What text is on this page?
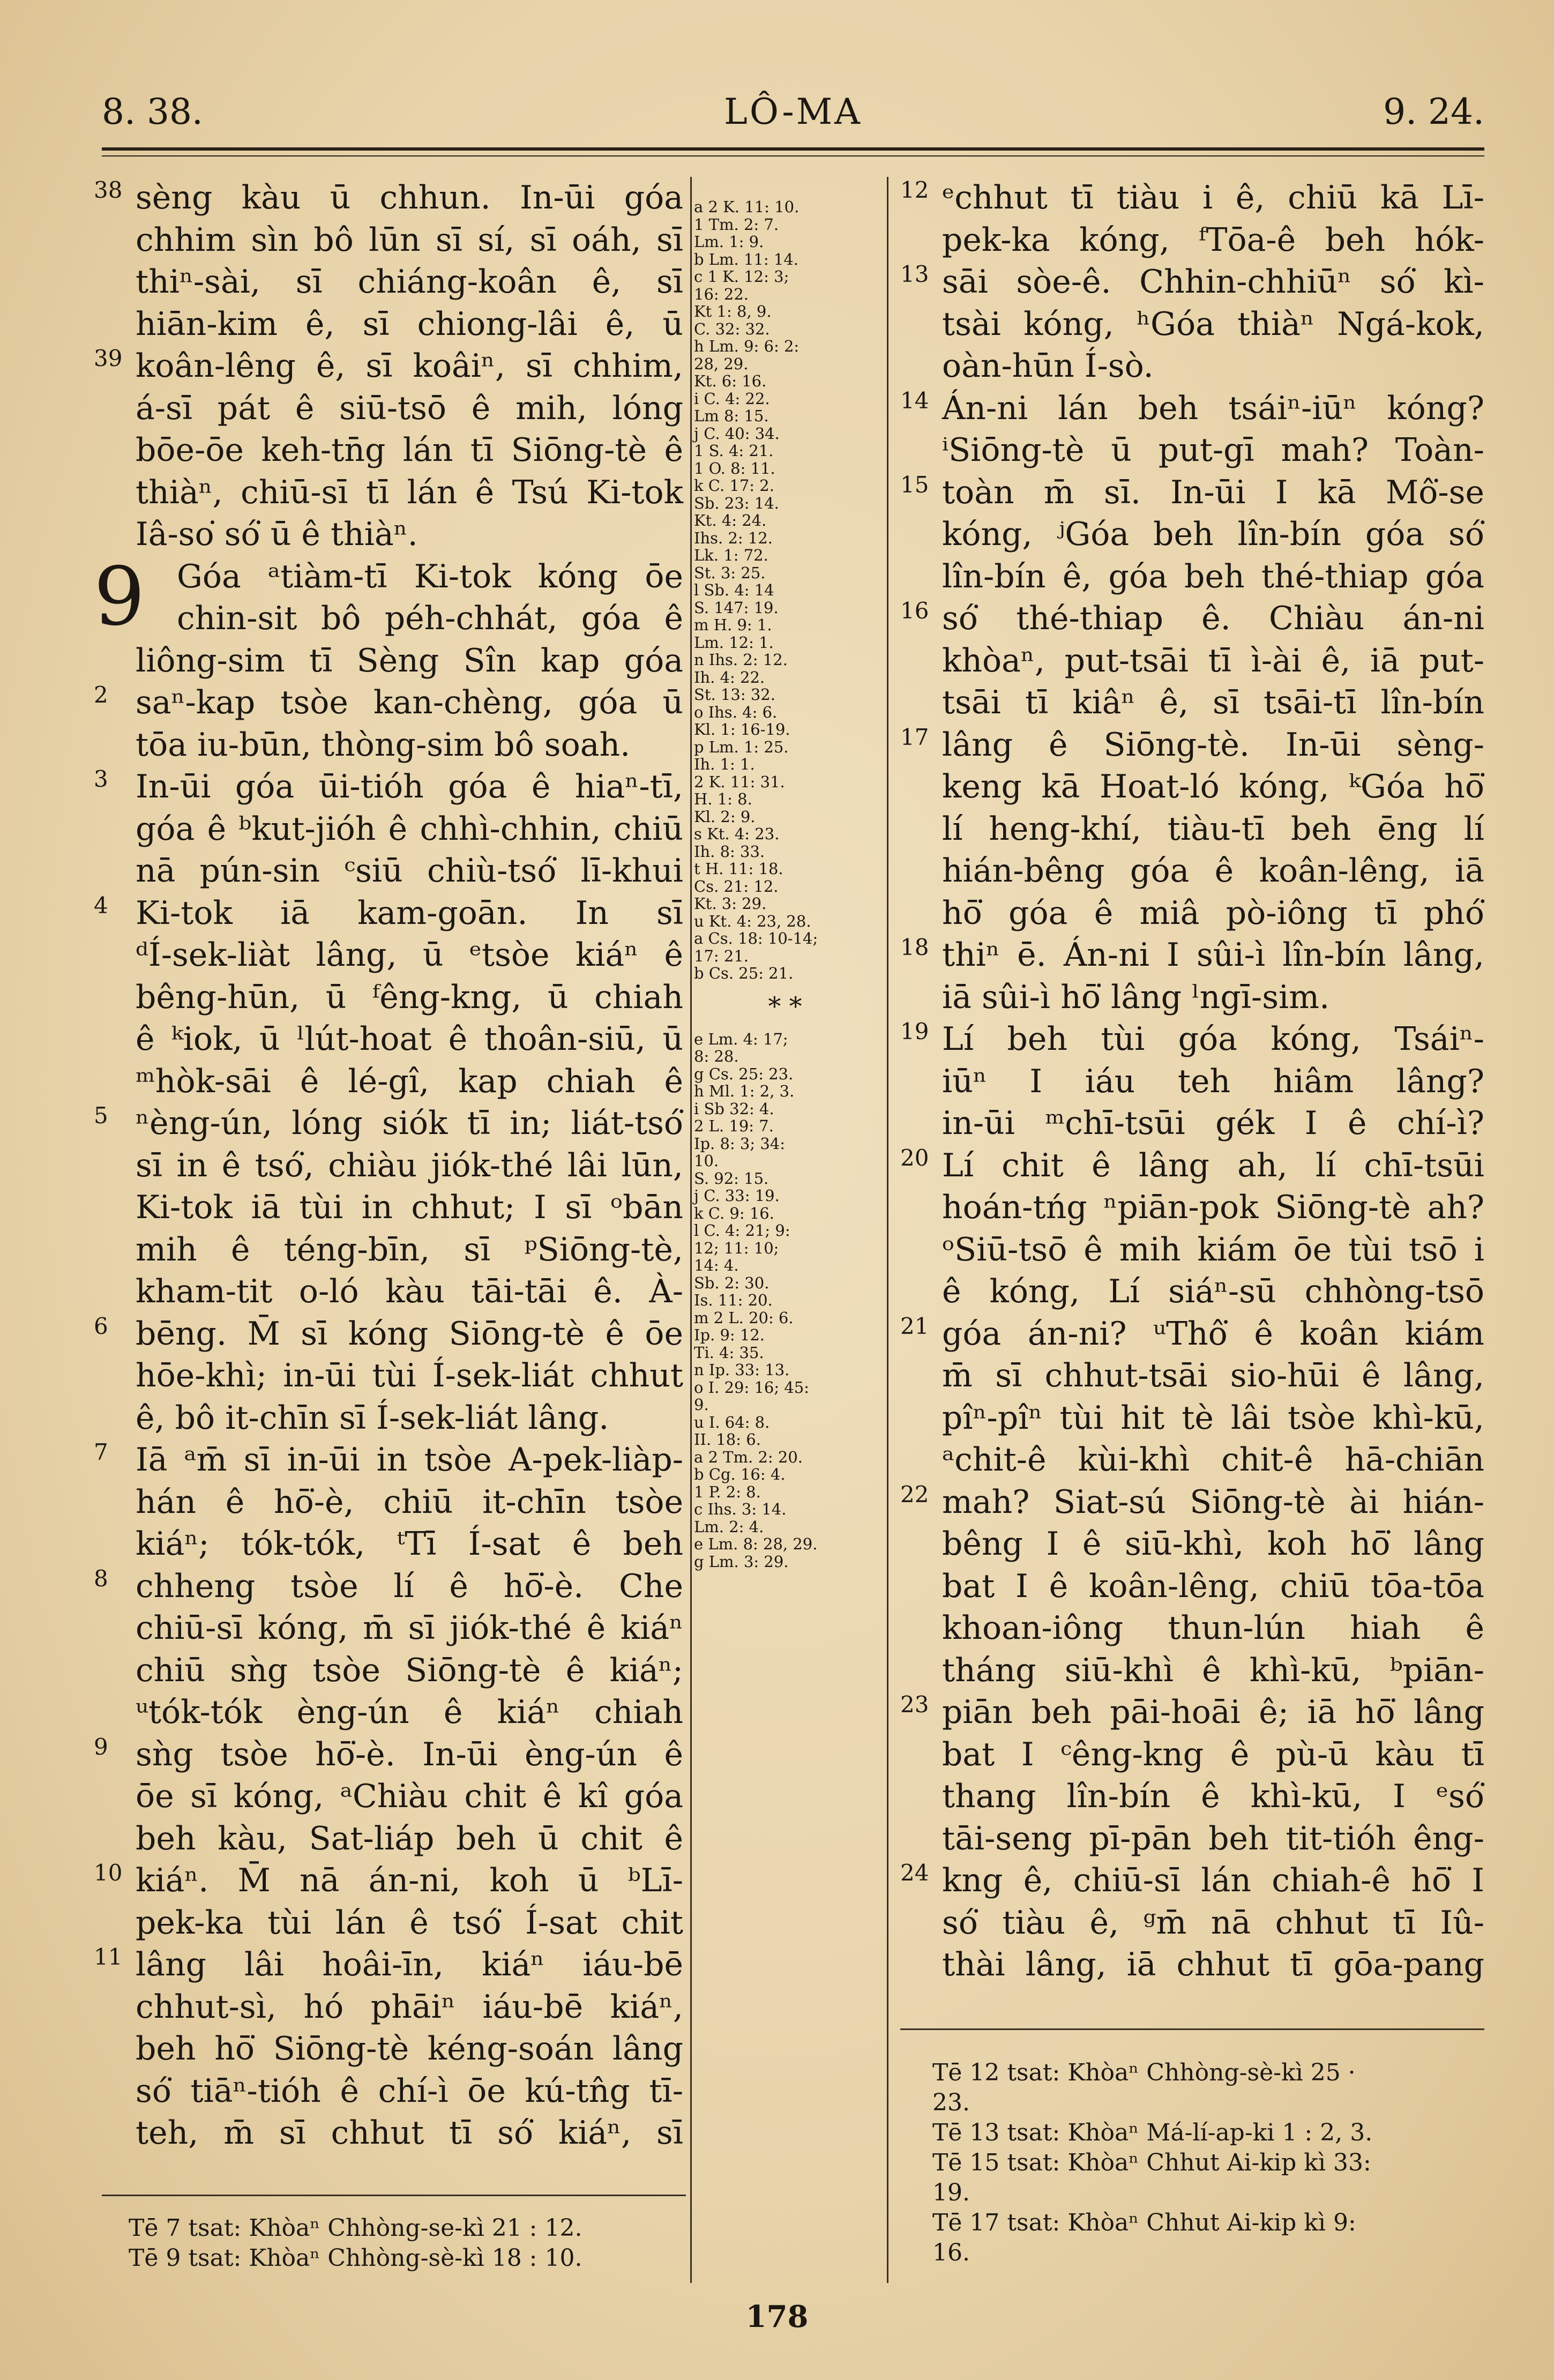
8. 38.	LÔ-MA	9. 24.
38 sèng kàu ū chhun. In-ūi góa
chhim sìn bô lūn sī sí, sī oáh, sī
thiⁿ-sài, sī chiáng-koân ê, sī
hiān-kim ê, sī chiong-lâi ê, ū
39 koân-lêng ê, sī koâiⁿ, sī chhim,
á-sī pát ê siū-tsō ê mih, lóng
bōe-ōe keh-tn̄g lán tī Siōng-tè ê
thiàⁿ, chiū-sī tī lán ê Tsú Ki-tok
Iâ-so͘ só͘ ū ê thiàⁿ.
9 Góa ᵃtiàm-tī Ki-tok kóng ōe
chin-sit bô péh-chhát, góa ê
liông-sim tī Sèng Sîn kap góa
2 saⁿ-kap tsòe kan-chèng, góa ū
tōa iu-būn, thòng-sim bô soah.
3 In-ūi góa ūi-tióh góa ê hiaⁿ-tī,
góa ê ᵇkut-jióh ê chhì-chhin, chiū
nā pún-sin ᶜsiū chiù-tsó͘ lī-khui
4 Ki-tok iā kam-goān. In sī
ᵈÍ-sek-liàt lâng, ū ᵉtsòe kiáⁿ ê
bêng-hūn, ū ᶠêng-kng, ū chiah
ê ᵏiok, ū ˡlút-hoat ê thoân-siū, ū
ᵐhòk-sāi ê lé-gî, kap chiah ê
5 ⁿèng-ún, lóng siók tī in; liát-tsó͘
sī in ê tsó͘, chiàu jiók-thé lâi lūn,
Ki-tok iā tùi in chhut; I sī ᵒbān
mih ê téng-bīn, sī ᵖSiōng-tè,
kham-tit o-ló kàu tāi-tāi ê. À-
6 bēng. M̄ sī kóng Siōng-tè ê ōe
hōe-khì; in-ūi tùi Í-sek-liát chhut
ê, bô it-chīn sī Í-sek-liát lâng.
7 Iā ᵃm̄ sī in-ūi in tsòe A-pek-liàp-
hán ê hō͘-è, chiū it-chīn tsòe
kiáⁿ; tók-tók, ᵗTī Í-sat ê beh
8 chheng tsòe lí ê hō͘-è. Che
chiū-sī kóng, m̄ sī jiók-thé ê kiáⁿ
chiū sǹg tsòe Siōng-tè ê kiáⁿ;
ᵘtók-tók èng-ún ê kiáⁿ chiah
9 sǹg tsòe hō͘-è. In-ūi èng-ún ê
ōe sī kóng, ᵃChiàu chit ê kî góa
beh kàu, Sat-liáp beh ū chit ê
10 kiáⁿ. M̄ nā án-ni, koh ū ᵇLī-
pek-ka tùi lán ê tsó͘ Í-sat chit
11 lâng lâi hoâi-īn, kiáⁿ iáu-bē
chhut-sì, hó phāiⁿ iáu-bē kiáⁿ,
beh hō͘ Siōng-tè kéng-soán lâng
só͘ tiāⁿ-tióh ê chí-ì ōe kú-tn̂g tī-
teh, m̄ sī chhut tī só͘ kiáⁿ, sī
a 2 K. 11: 10.
1 Tm. 2: 7.
Lm. 1: 9.
b Lm. 11: 14.
c 1 K. 12: 3;
16: 22.
Kt 1: 8, 9.
C. 32: 32.
h Lm. 9: 6: 2:
28, 29.
Kt. 6: 16.
i C. 4: 22.
Lm 8: 15.
j C. 40: 34.
1 S. 4: 21.
1 O. 8: 11.
k C. 17: 2.
Sb. 23: 14.
Kt. 4: 24.
Ihs. 2: 12.
Lk. 1: 72.
St. 3: 25.
l Sb. 4: 14
S. 147: 19.
m H. 9: 1.
Lm. 12: 1.
n Ihs. 2: 12.
Ih. 4: 22.
St. 13: 32.
o Ihs. 4: 6.
Kl. 1: 16-19.
p Lm. 1: 25.
Ih. 1: 1.
2 K. 11: 31.
H. 1: 8.
Kl. 2: 9.
s Kt. 4: 23.
Ih. 8: 33.
t H. 11: 18.
Cs. 21: 12.
Kt. 3: 29.
u Kt. 4: 23, 28.
a Cs. 18: 10-14;
17: 21.
b Cs. 25: 21.
* *
e Lm. 4: 17;
8: 28.
g Cs. 25: 23.
h Ml. 1: 2, 3.
i Sb 32: 4.
2 L. 19: 7.
Ip. 8: 3; 34:
10.
S. 92: 15.
j C. 33: 19.
k C. 9: 16.
l C. 4: 21; 9:
12; 11: 10;
14: 4.
Sb. 2: 30.
Is. 11: 20.
m 2 L. 20: 6.
Ip. 9: 12.
Ti. 4: 35.
n Ip. 33: 13.
o I. 29: 16; 45:
9.
u I. 64: 8.
II. 18: 6.
a 2 Tm. 2: 20.
b Cg. 16: 4.
1 P. 2: 8.
c Ihs. 3: 14.
Lm. 2: 4.
e Lm. 8: 28, 29.
g Lm. 3: 29.
12 ᵉchhut tī tiàu i ê, chiū kā Lī-
pek-ka kóng, ᶠTōa-ê beh hók-
13 sāi sòe-ê. Chhin-chhiūⁿ só͘ kì-
tsài kóng, ʰGóa thiàⁿ Ngá-kok,
oàn-hūn Í-sò.
14 Án-ni lán beh tsáiⁿ-iūⁿ kóng?
ⁱSiōng-tè ū put-gī mah? Toàn-
15 toàn m̄ sī. In-ūi I kā Mô͘-se
kóng, ʲGóa beh lîn-bín góa só͘
lîn-bín ê, góa beh thé-thiap góa
16 só͘ thé-thiap ê. Chiàu án-ni
khòaⁿ, put-tsāi tī ì-ài ê, iā put-
tsāi tī kiâⁿ ê, sī tsāi-tī lîn-bín
17 lâng ê Siōng-tè. In-ūi sèng-
keng kā Hoat-ló kóng, ᵏGóa hō͘
lí heng-khí, tiàu-tī beh ēng lí
hián-bêng góa ê koân-lêng, iā
hō͘ góa ê miâ pò-iông tī phó͘
18 thiⁿ ē. Án-ni I sûi-ì lîn-bín lâng,
iā sûi-ì hō͘ lâng ˡngī-sim.
19 Lí beh tùi góa kóng, Tsáiⁿ-
iūⁿ I iáu teh hiâm lâng?
in-ūi ᵐchī-tsūi gék I ê chí-ì?
20 Lí chit ê lâng ah, lí chī-tsūi
hoán-tńg ⁿpiān-pok Siōng-tè ah?
ᵒSiū-tsō ê mih kiám ōe tùi tsō i
ê kóng, Lí siáⁿ-sū chhòng-tsō
21 góa án-ni? ᵘThô͘ ê koân kiám
m̄ sī chhut-tsāi sio-hūi ê lâng,
pîⁿ-pîⁿ tùi hit tè lâi tsòe khì-kū,
ᵃchit-ê kùi-khì chit-ê hā-chiān
22 mah? Siat-sú Siōng-tè ài hián-
bêng I ê siū-khì, koh hō͘ lâng
bat I ê koân-lêng, chiū tōa-tōa
khoan-iông thun-lún hiah ê
tháng siū-khì ê khì-kū, ᵇpiān-
23 piān beh pāi-hoāi ê; iā hō͘ lâng
bat I ᶜêng-kng ê pù-ū kàu tī
thang lîn-bín ê khì-kū, I ᵉsó͘
tāi-seng pī-pān beh tit-tióh êng-
24 kng ê, chiū-sī lán chiah-ê hō͘ I
só͘ tiàu ê, ᵍm̄ nā chhut tī Iû-
thài lâng, iā chhut tī gōa-pang
Tē 7 tsat: Khòaⁿ Chhòng-se-kì 21 : 12.
Tē 9 tsat: Khòaⁿ Chhòng-sè-kì 18 : 10.
Tē 12 tsat: Khòaⁿ Chhòng-sè-kì 25 ·
23.
Tē 13 tsat: Khòaⁿ Má-lí-ap-ki 1 : 2, 3.
Tē 15 tsat: Khòaⁿ Chhut Ai-kip kì 33:
19.
Tē 17 tsat: Khòaⁿ Chhut Ai-kip kì 9:
16.
178
